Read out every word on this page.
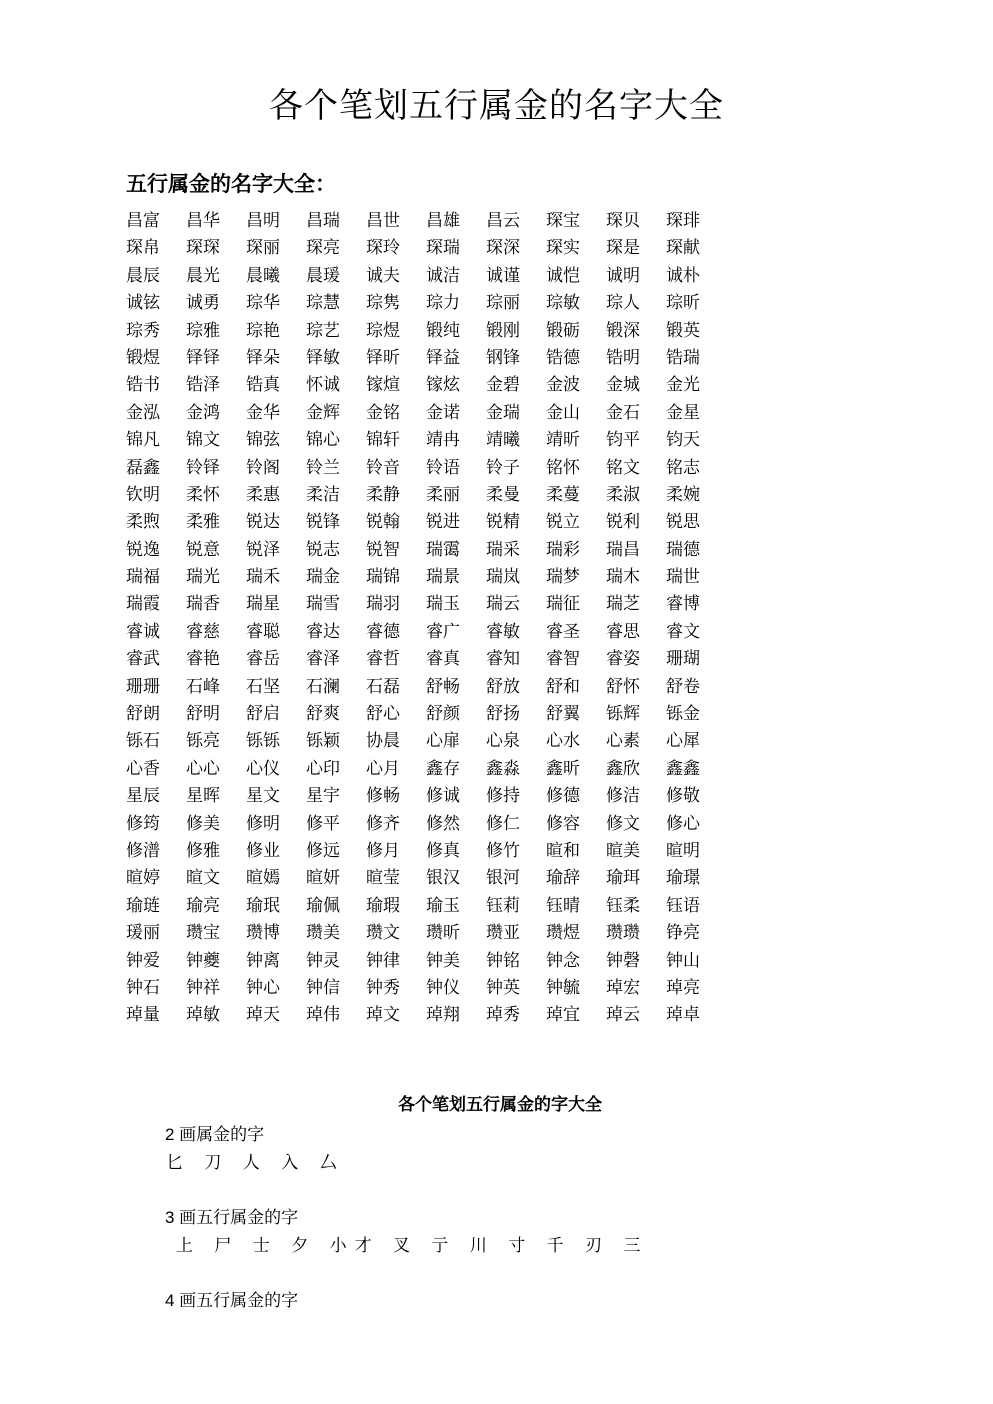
各个笔划五行属金的名字大全
五行属金的名字大全：
昌富	昌华	昌明	昌瑞	昌世	昌雄	昌云	琛宝	琛贝	琛琲
琛帛	琛琛	琛丽	琛亮	琛玲	琛瑞	琛深	琛实	琛是	琛献
晨辰	晨光	晨曦	晨瑗	诚夫	诚洁	诚谨	诚恺	诚明	诚朴
诚铉	诚勇	琮华	琮慧	琮隽	琮力	琮丽	琮敏	琮人	琮昕
琮秀	琮雅	琮艳	琮艺	琮煜	锻纯	锻刚	锻砺	锻深	锻英
锻煜	铎铎	铎朵	铎敏	铎昕	铎益	钢锋	锆德	锆明	锆瑞
锆书	锆泽	锆真	怀诚	镓煊	镓炫	金碧	金波	金城	金光
金泓	金鸿	金华	金辉	金铭	金诺	金瑞	金山	金石	金星
锦凡	锦文	锦弦	锦心	锦轩	靖冉	靖曦	靖昕	钧平	钧天
磊鑫	铃铎	铃阁	铃兰	铃音	铃语	铃子	铭怀	铭文	铭志
钦明	柔怀	柔惠	柔洁	柔静	柔丽	柔曼	柔蔓	柔淑	柔婉
柔煦	柔雅	锐达	锐锋	锐翰	锐进	锐精	锐立	锐利	锐思
锐逸	锐意	锐泽	锐志	锐智	瑞霭	瑞采	瑞彩	瑞昌	瑞德
瑞福	瑞光	瑞禾	瑞金	瑞锦	瑞景	瑞岚	瑞梦	瑞木	瑞世
瑞霞	瑞香	瑞星	瑞雪	瑞羽	瑞玉	瑞云	瑞征	瑞芝	睿博
睿诚	睿慈	睿聪	睿达	睿德	睿广	睿敏	睿圣	睿思	睿文
睿武	睿艳	睿岳	睿泽	睿哲	睿真	睿知	睿智	睿姿	珊瑚
珊珊	石峰	石坚	石澜	石磊	舒畅	舒放	舒和	舒怀	舒卷
舒朗	舒明	舒启	舒爽	舒心	舒颜	舒扬	舒翼	铄辉	铄金
铄石	铄亮	铄铄	铄颖	协晨	心扉	心泉	心水	心素	心犀
心香	心心	心仪	心印	心月	鑫存	鑫淼	鑫昕	鑫欣	鑫鑫
星辰	星晖	星文	星宇	修畅	修诚	修持	修德	修洁	修敬
修筠	修美	修明	修平	修齐	修然	修仁	修容	修文	修心
修潽	修雅	修业	修远	修月	修真	修竹	暄和	暄美	暄明
暄婷	暄文	暄嫣	暄妍	暄莹	银汉	银河	瑜辞	瑜珥	瑜璟
瑜琏	瑜亮	瑜珉	瑜佩	瑜瑕	瑜玉	钰莉	钰晴	钰柔	钰语
瑗丽	瓒宝	瓒博	瓒美	瓒文	瓒昕	瓒亚	瓒煜	瓒瓒	铮亮
钟爱	钟夔	钟离	钟灵	钟律	钟美	钟铭	钟念	钟磬	钟山
钟石	钟祥	钟心	钟信	钟秀	钟仪	钟英	钟毓	琸宏	琸亮
琸量	琸敏	琸天	琸伟	琸文	琸翔	琸秀	琸宜	琸云	琸卓
各个笔划五行属金的字大全
2 画属金的字
匕 刀 人 入 厶
3 画五行属金的字
上 尸 士 夕 小才 叉 亍 川 寸 千 刃 三
4 画五行属金的字
